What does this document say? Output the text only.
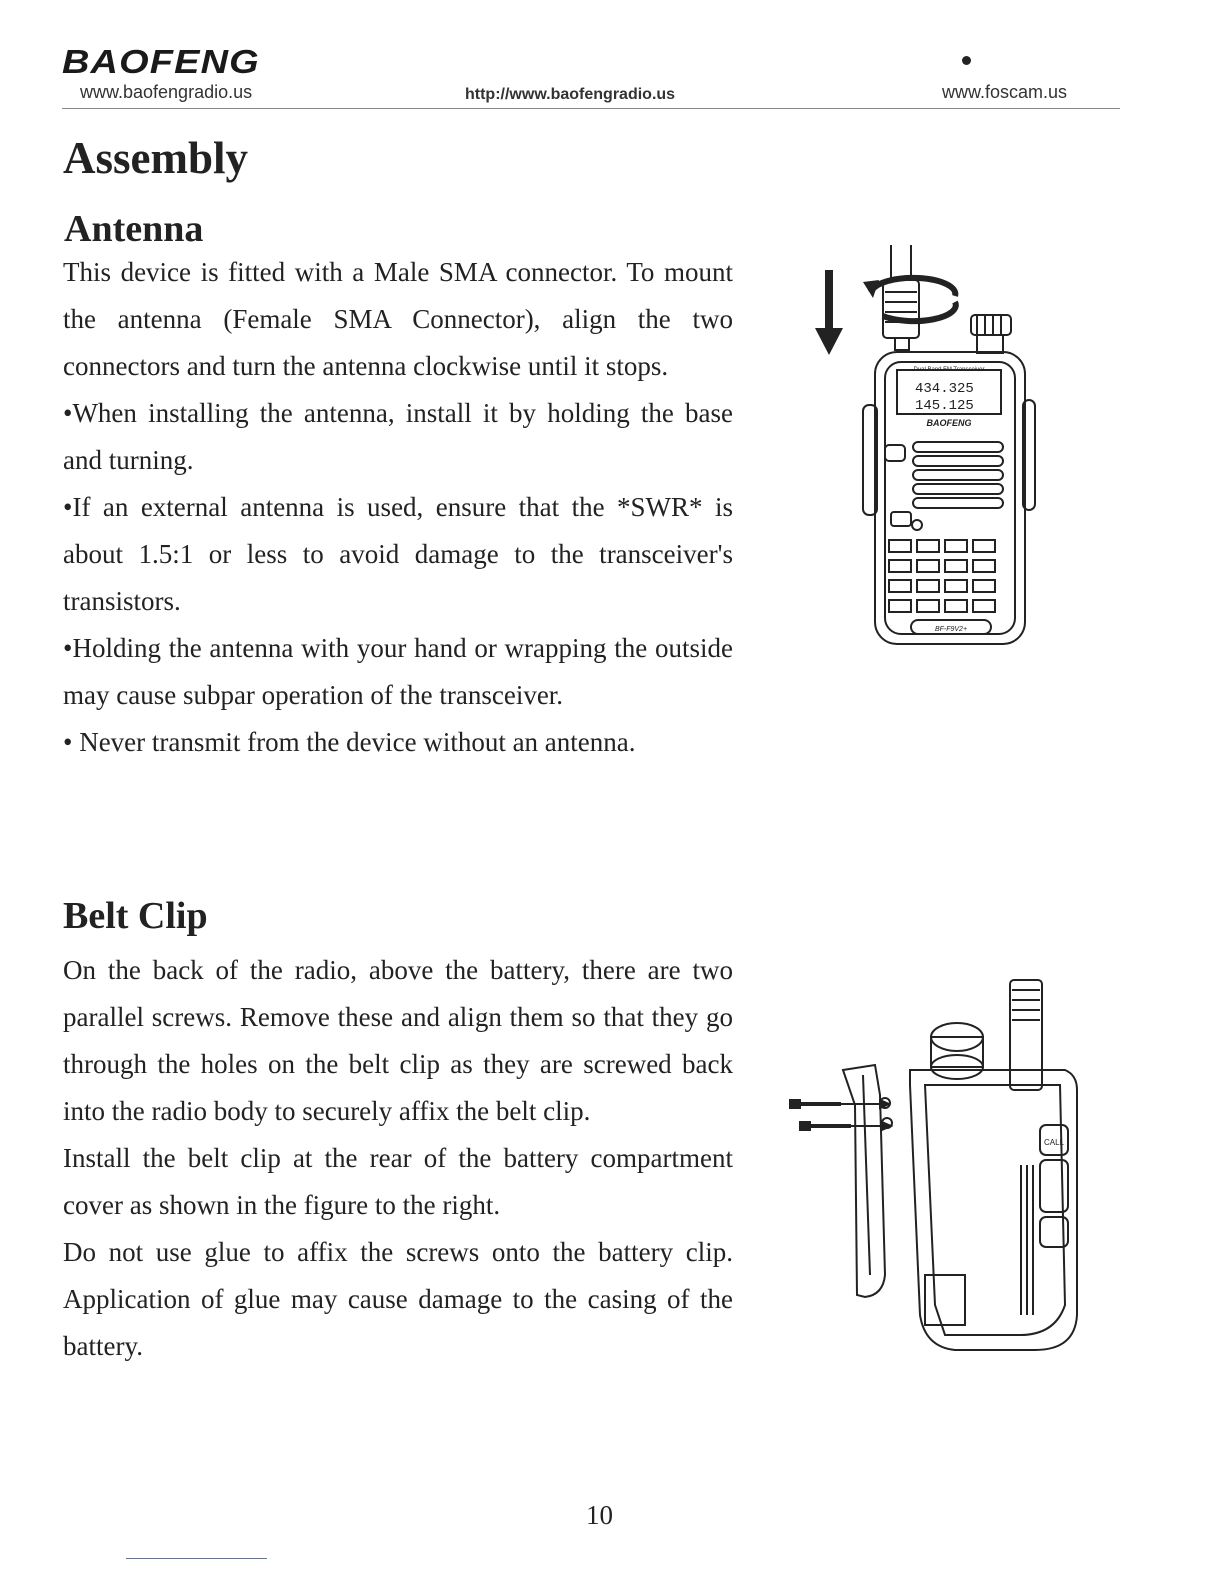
BAOFENG
www.baofengradio.us	http://www.baofengradio.us	www.foscam.us
Assembly
Antenna

This device is fitted with a Male SMA connector. To mount the antenna (Female SMA Connector), align the two connectors and turn the antenna clockwise until it stops.

•When installing the antenna, install it by holding the base and turning.

•If an external antenna is used, ensure that the *SWR* is about 1.5:1 or less to avoid damage to the transceiver's transistors.

•Holding the antenna with your hand or wrapping the outside may cause subpar operation of the transceiver.

• Never transmit from the device without an antenna.

Dual Band FM Transceiver
434.325
145.125
BAOFENG
BF-F9V2+
Belt Clip

On the back of the radio, above the battery, there are two parallel screws. Remove these and align them so that they go through the holes on the belt clip as they are screwed back into the radio body to securely affix the belt clip.

Install the belt clip at the rear of the battery compartment cover as shown in the figure to the right.

Do not use glue to affix the screws onto the battery clip. Application of glue may cause damage to the casing of the battery.

CALL
10
